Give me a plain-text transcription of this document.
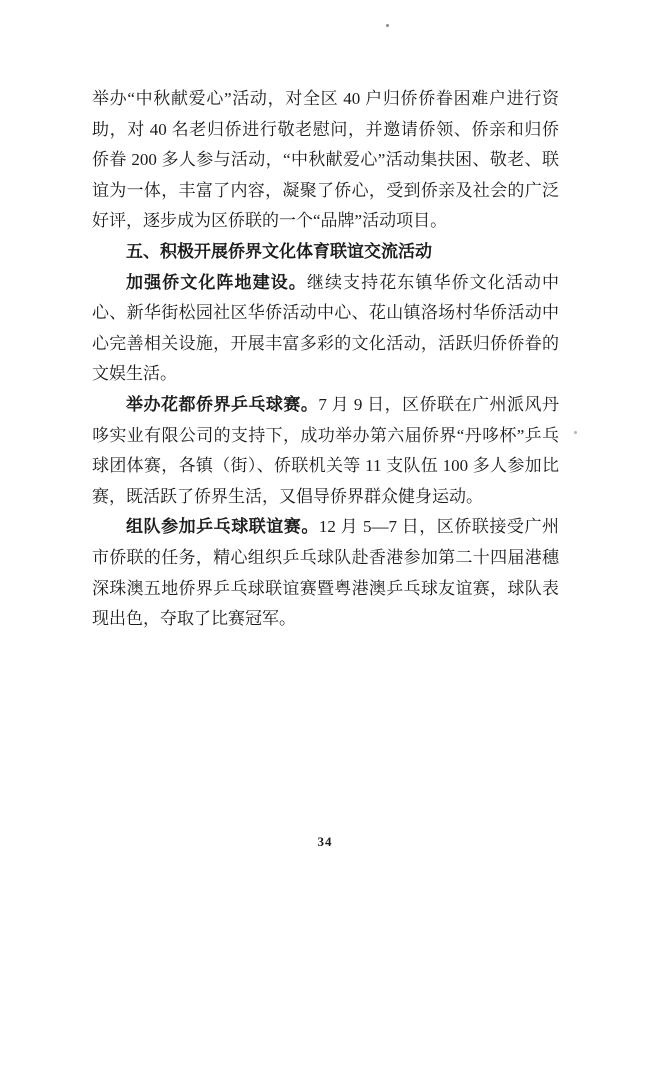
举办“中秋献爱心”活动，对全区 40 户归侨侨眷困难户进行资助，对 40 名老归侨进行敬老慰问，并邀请侨领、侨亲和归侨侨眷 200 多人参与活动，“中秋献爱心”活动集扶困、敬老、联谊为一体，丰富了内容，凝聚了侨心，受到侨亲及社会的广泛好评，逐步成为区侨联的一个“品牌”活动项目。

五、积极开展侨界文化体育联谊交流活动

加强侨文化阵地建设。继续支持花东镇华侨文化活动中心、新华街松园社区华侨活动中心、花山镇洛场村华侨活动中心完善相关设施，开展丰富多彩的文化活动，活跃归侨侨眷的文娱生活。

举办花都侨界乒乓球赛。7 月 9 日，区侨联在广州派风丹哆实业有限公司的支持下，成功举办第六届侨界“丹哆杯”乒乓球团体赛，各镇（街）、侨联机关等 11 支队伍 100 多人参加比赛，既活跃了侨界生活，又倡导侨界群众健身运动。

组队参加乒乓球联谊赛。12 月 5—7 日，区侨联接受广州市侨联的任务，精心组织乒乓球队赴香港参加第二十四届港穗深珠澳五地侨界乒乓球联谊赛暨粤港澳乒乓球友谊赛，球队表现出色，夺取了比赛冠军。

34
